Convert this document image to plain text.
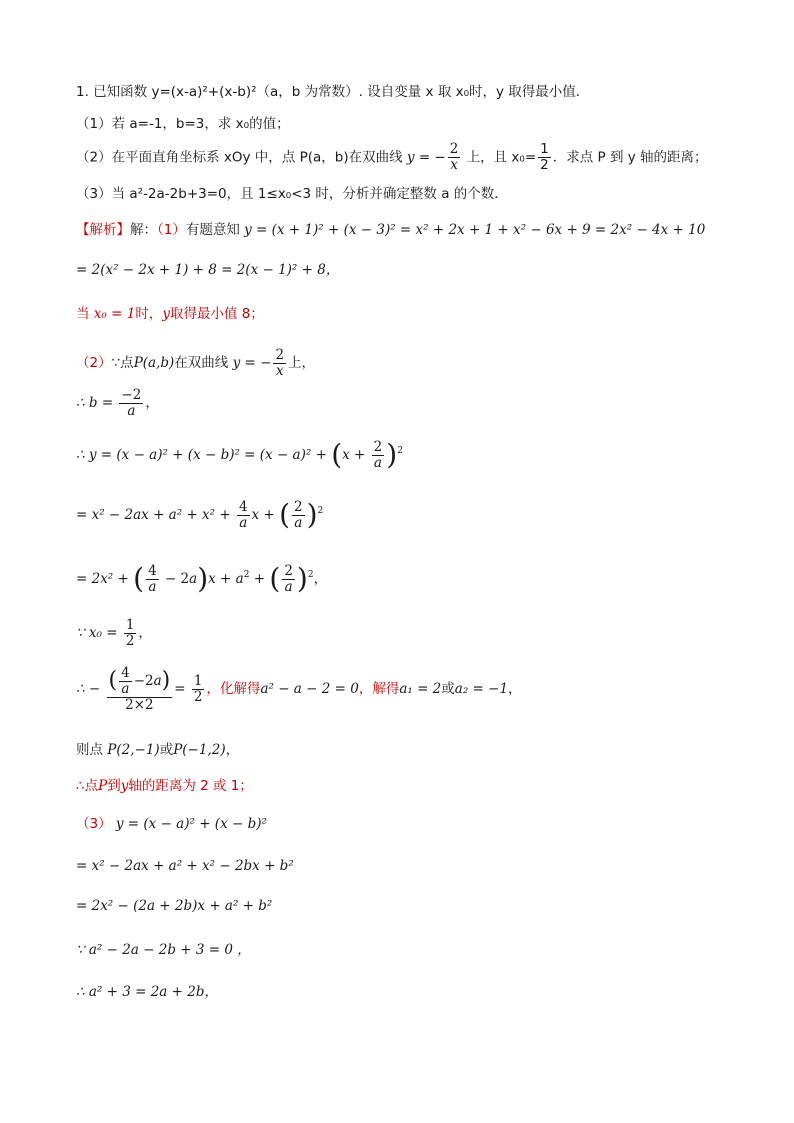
1. 已知函数 y=(x-a)²+(x-b)²（a，b 为常数）. 设自变量 x 取 x₀时，y 取得最小值．
（1）若 a=-1，b=3，求 x₀的值；
（2）在平面直角坐标系 xOy 中，点 P(a，b)在双曲线 y = − $\frac{2}{x}$ 上，且 $x_0= \frac{1}{2}$ ．求点 P 到 y 轴的距离；
（3）当 a²-2a-2b+3=0，且 1≤x₀<3 时，分析并确定整数 a 的个数．
【解析】解：（1）有题意知 y = (x + 1)² + (x − 3)² = x² + 2x + 1 + x² − 6x + 9 = 2x² − 4x + 10
= 2(x² − 2x + 1) + 8 = 2(x − 1)² + 8，
当 x₀ = 1时，y取得最小值 8；
（2）∵点P(a,b)在双曲线 y = − $\frac{2}{x}$ 上，
∴ $b = \frac{-2}{a}$ ，
∴ $y = (x - a)^2 + (x - b)^2 = (x - a)^2 + (x + \frac{2}{a} )^2$
= $x^2 - 2ax + a^2 + x^2 + \frac{4}{a}$ x + ( $\frac{2}{a} )^2$
= 2x² + ( $\frac{4}{a} - 2a)x + a^2$ + ( $\frac{2}{a} )^2$，
∵ $x_0 = \frac{1}{2}$ ，
∴ − $\frac{( \frac{4}{a} -2a)}{2\times 2} = \frac{1}{2}$ ，化解得a² − a − 2 = 0，解得a₁ = 2或a₂ = −1，
则点 P(2,−1)或P(−1,2)，
∴点P到y轴的距离为 2 或 1；
（3） y = (x − a)² + (x − b)²
= x² − 2ax + a² + x² − 2bx + b²
= 2x² − (2a + 2b)x + a² + b²
∵ a² − 2a − 2b + 3 = 0 ，
∴ a² + 3 = 2a + 2b，
